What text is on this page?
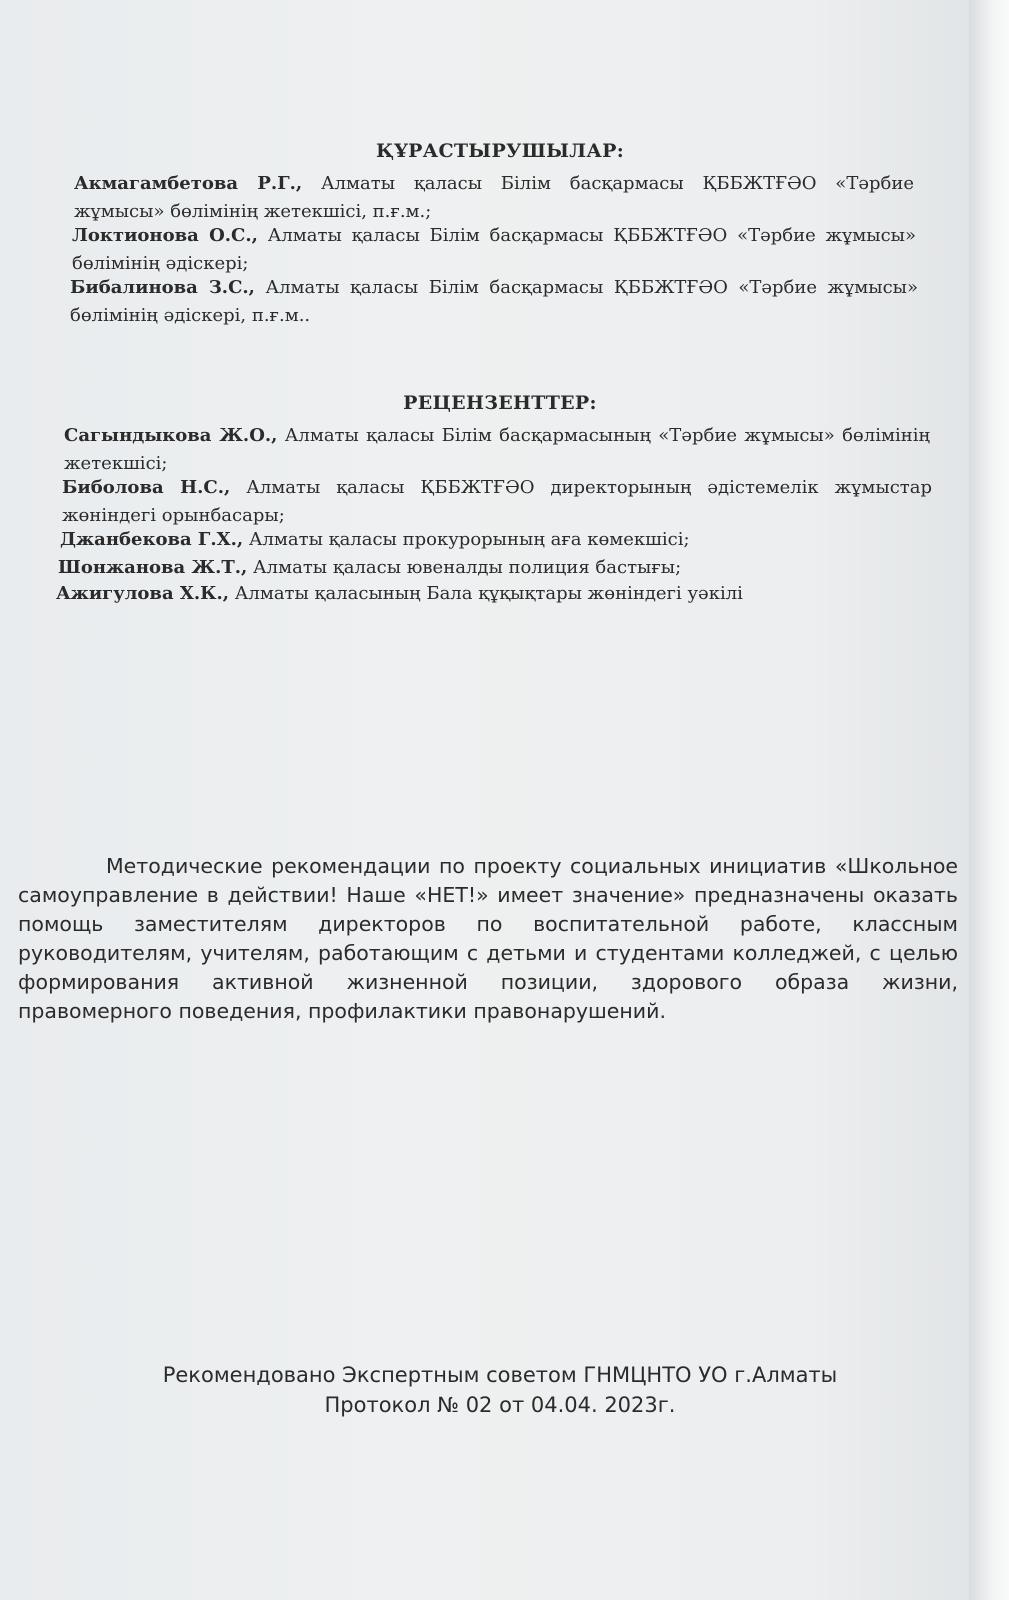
ҚҰРАСТЫРУШЫЛАР:
Акмагамбетова Р.Г., Алматы қаласы Білім басқармасы ҚББЖТҒӘО «Тәрбие жұмысы» бөлімінің жетекшісі, п.ғ.м.;
Локтионова О.С., Алматы қаласы Білім басқармасы ҚББЖТҒӘО «Тәрбие жұмысы» бөлімінің әдіскері;
Бибалинова З.С., Алматы қаласы Білім басқармасы ҚББЖТҒӘО «Тәрбие жұмысы» бөлімінің әдіскері, п.ғ.м..
РЕЦЕНЗЕНТТЕР:
Сагындыкова Ж.О., Алматы қаласы Білім басқармасының «Тәрбие жұмысы» бөлімінің жетекшісі;
Биболова Н.С., Алматы қаласы ҚББЖТҒӘО директорының әдістемелік жұмыстар жөніндегі орынбасары;
Джанбекова Г.Х., Алматы қаласы прокурорының аға көмекшісі;
Шонжанова Ж.Т., Алматы қаласы ювеналды полиция бастығы;
Ажигулова Х.К., Алматы қаласының Бала құқықтары жөніндегі уәкілі
Методические рекомендации по проекту социальных инициатив «Школьное самоуправление в действии! Наше «НЕТ!» имеет значение» предназначены оказать помощь заместителям директоров по воспитательной работе, классным руководителям, учителям, работающим с детьми и студентами колледжей, с целью формирования активной жизненной позиции, здорового образа жизни, правомерного поведения, профилактики правонарушений.
Рекомендовано Экспертным советом ГНМЦНТО УО г.Алматы
Протокол № 02 от 04.04. 2023г.
